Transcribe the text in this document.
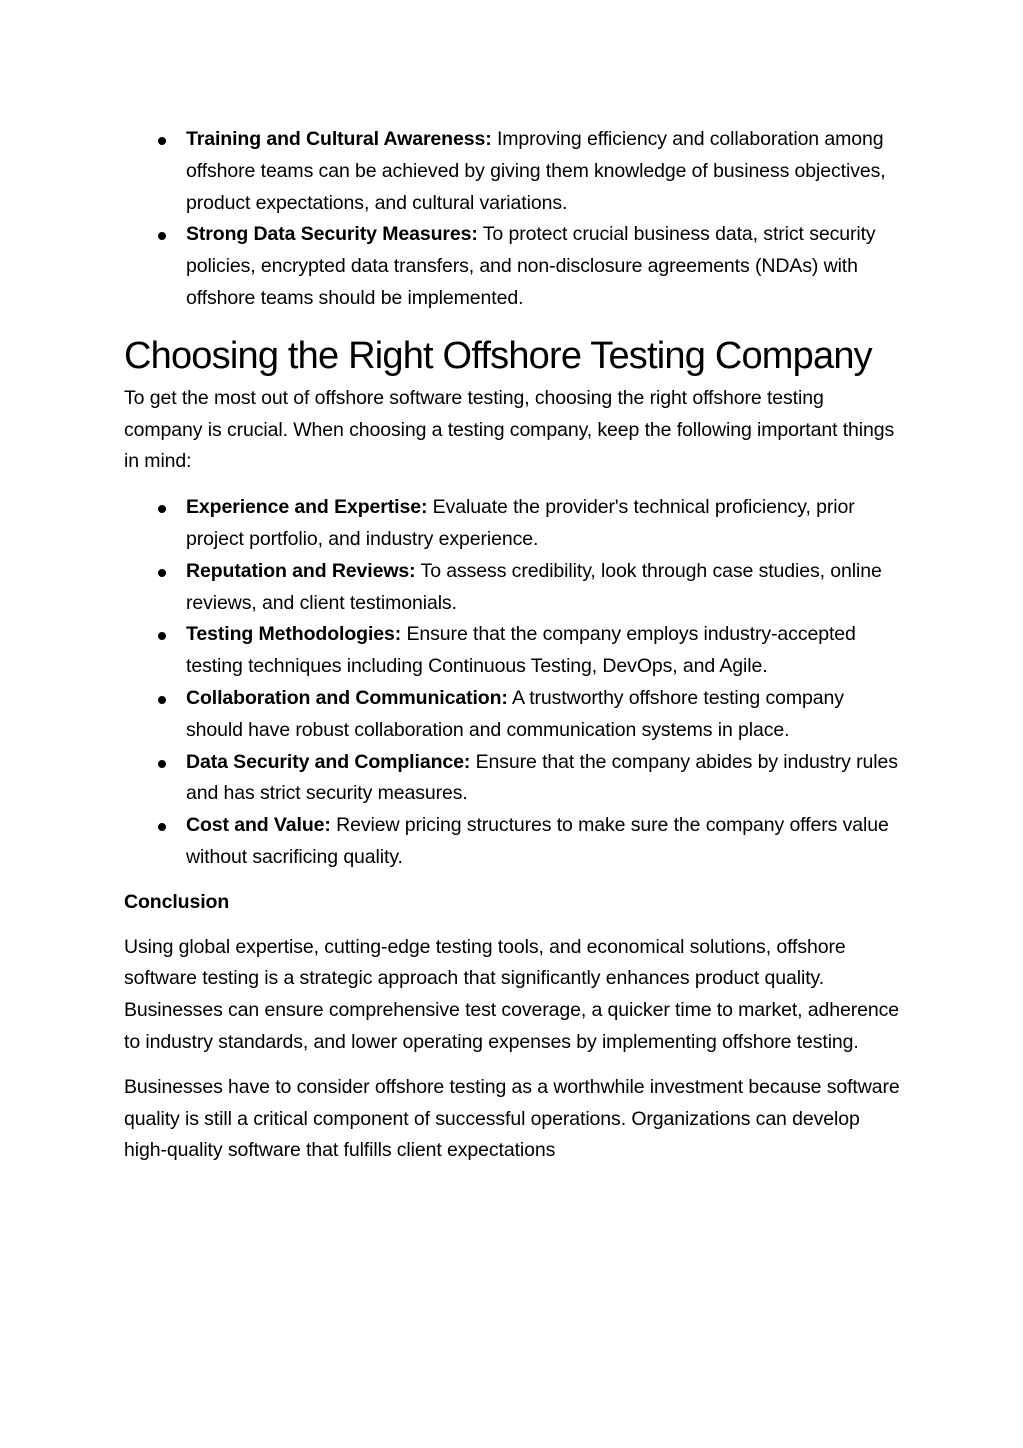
Training and Cultural Awareness: Improving efficiency and collaboration among offshore teams can be achieved by giving them knowledge of business objectives, product expectations, and cultural variations.
Strong Data Security Measures: To protect crucial business data, strict security policies, encrypted data transfers, and non-disclosure agreements (NDAs) with offshore teams should be implemented.
Choosing the Right Offshore Testing Company

To get the most out of offshore software testing, choosing the right offshore testing company is crucial. When choosing a testing company, keep the following important things in mind:

Experience and Expertise: Evaluate the provider's technical proficiency, prior project portfolio, and industry experience.
Reputation and Reviews: To assess credibility, look through case studies, online reviews, and client testimonials.
Testing Methodologies: Ensure that the company employs industry-accepted testing techniques including Continuous Testing, DevOps, and Agile.
Collaboration and Communication: A trustworthy offshore testing company should have robust collaboration and communication systems in place.
Data Security and Compliance: Ensure that the company abides by industry rules and has strict security measures.
Cost and Value: Review pricing structures to make sure the company offers value without sacrificing quality.
Conclusion

Using global expertise, cutting-edge testing tools, and economical solutions, offshore software testing is a strategic approach that significantly enhances product quality. Businesses can ensure comprehensive test coverage, a quicker time to market, adherence to industry standards, and lower operating expenses by implementing offshore testing.

Businesses have to consider offshore testing as a worthwhile investment because software quality is still a critical component of successful operations. Organizations can develop high-quality software that fulfills client expectations
